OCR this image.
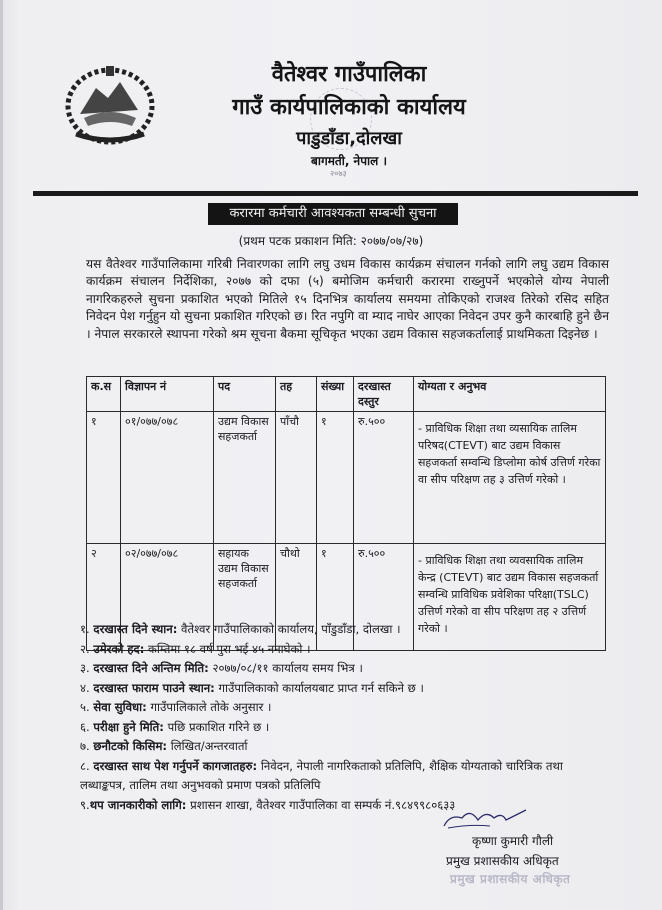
वैतेश्वर गाउँपालिका
गाउँ कार्यपालिकाको कार्यालय
पाडुडाँडा,दोलखा
बागमती, नेपाल ।
२०७३
करारमा कर्मचारी आवश्यकता सम्बन्धी सुचना
(प्रथम पटक प्रकाशन मिति: २०७७/०७/२७)
यस वैतेश्वर गाउँपालिकामा गरिबी निवारणका लागि लघु उधम विकास कार्यक्रम संचालन गर्नको लागि लघु उद्यम विकास कार्यक्रम संचालन निर्देशिका, २०७७ को दफा (५) बमोजिम कर्मचारी करारमा राख्नुपर्ने भएकोले योग्य नेपाली नागरिकहरुले सुचना प्रकाशित भएको मितिले १५ दिनभित्र कार्यालय समयमा तोकिएको राजश्व तिरेको रसिद सहित निवेदन पेश गर्नुहुन यो सुचना प्रकाशित गरिएको छ। रित नपुगि वा म्याद नाघेर आएका निवेदन उपर कुनै कारबाहि हुने छैन । नेपाल सरकारले स्थापना गरेको श्रम सूचना बैकमा सूचिकृत भएका उद्यम विकास सहजकर्तालाई प्राथमिकता दिइनेछ ।
क.स	विज्ञापन नं	पद	तह	संख्या	दरखास्त दस्तुर	योग्यता र अनुभव
१	०१/०७७/०७८	उद्यम विकास सहजकर्ता	पाँचौ	१	रु.५००	- प्राविधिक शिक्षा तथा व्यसायिक तालिम परिषद(CTEVT) बाट उद्यम विकास सहजकर्ता सम्वन्धि डिप्लोमा कोर्ष उत्तिर्ण गरेका वा सीप परिक्षण तह ३ उत्तिर्ण गरेको ।
२	०२/०७७/०७८	सहायक उद्यम विकास सहजकर्ता	चौथो	१	रु.५००	- प्राविधिक शिक्षा तथा व्यवसायिक तालिम केन्द्र (CTEVT) बाट उद्यम विकास सहजकर्ता सम्वन्धि प्राविधिक प्रवेशिका परिक्षा(TSLC) उत्तिर्ण गरेको वा सीप परिक्षण तह २ उत्तिर्ण गरेको ।
१. दरखास्त दिने स्थान: वैतेश्वर गाउँपालिकाको कार्यालय, पाँडुडाँडा, दोलखा ।
२. उमेरको हद: कम्तिमा १८ वर्ष पुरा भई ४५ ननाघेको ।
३. दरखास्त दिने अन्तिम मिति: २०७७/०८/११ कार्यालय समय भित्र ।
४. दरखास्त फाराम पाउने स्थान: गाउँपालिकाको कार्यालयबाट प्राप्त गर्न सकिने छ ।
५. सेवा सुविधा: गाउँपालिकाले तोके अनुसार ।
६. परीक्षा हुने मिति: पछि प्रकाशित गरिने छ ।
७. छनौटको किसिम: लिखित/अन्तरवार्ता
८. दरखास्त साथ पेश गर्नुपर्ने कागजातहरु: निवेदन, नेपाली नागरिकताको प्रतिलिपि, शैक्षिक योग्यताको चारित्रिक तथा लब्धाङ्कपत्र, तालिम तथा अनुभवको प्रमाण पत्रको प्रतिलिपि
९.थप जानकारीको लागि: प्रशासन शाखा, वैतेश्वर गाउँपालिका वा सम्पर्क नं.९८४९९८०६३३
कृष्णा कुमारी गौली
प्रमुख प्रशासकीय अधिकृत
प्रमुख प्रशासकीय अधिकृत
